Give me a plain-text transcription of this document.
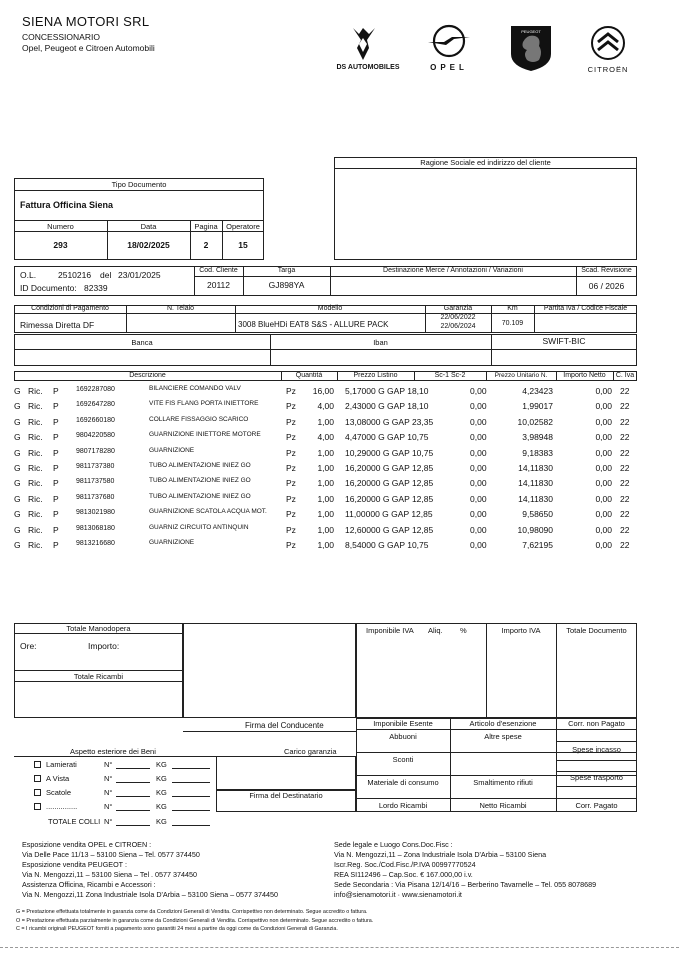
SIENA MOTORI SRL
CONCESSIONARIO
Opel, Peugeot e Citroen Automobili
DS AUTOMOBILES	OPEL
PEUGEOT
CITROËN
Ragione Sociale ed indirizzo del cliente
Tipo Documento
Fattura Officina Siena
Numero	Data	Pagina	Operatore
293	18/02/2025	2	15
O.L.	2510216 del 23/01/2025
ID Documento: 82339
Cod. Cliente
20112
Targa
GJ898YA
Destinazione Merce / Annotazioni / Variazioni	Scad. Revisione
06 / 2026
Condizioni di Pagamento
Rimessa Diretta DF
N. Telaio	Modello
3008 BlueHDi EAT8 S&S - ALLURE PACK
Garanzia
22/06/2022
22/06/2024
Km
70.109
Partita Iva / Codice Fiscale
Banca	Iban	SWIFT-BIC
Descrizione	Quantità	Prezzo Listino	Sc-1 Sc-2	Prezzo Unitario N.	Importo Netto	C. Iva
G Ric.	P	1692287080	BILANCIERE COMANDO VALV	Pz	16,00 5,17000 G GAP 18,10	0,00	4,23423	0,00 22
G Ric.	P	1692647280	VITE FIS FLANG PORTA INIETTORE	Pz	4,00 2,43000 G GAP 18,10	0,00	1,99017	0,00 22
G Ric.	P	1692660180	COLLARE FISSAGGIO SCARICO	Pz	1,00 13,08000 G GAP 23,35	0,00	10,02582	0,00 22
G Ric.	P	9804220580	GUARNIZIONE INIETTORE MOTORE	Pz	4,00 4,47000 G GAP 10,75	0,00	3,98948	0,00 22
G Ric.	P	9807178280	GUARNIZIONE	Pz	1,00 10,29000 G GAP 10,75	0,00	9,18383	0,00 22
G Ric.	P	9811737380	TUBO ALIMENTAZIONE INIEZ GO	Pz	1,00 16,20000 G GAP 12,85	0,00	14,11830	0,00 22
G Ric.	P	9811737580	TUBO ALIMENTAZIONE INIEZ GO	Pz	1,00 16,20000 G GAP 12,85	0,00	14,11830	0,00 22
G Ric.	P	9811737680	TUBO ALIMENTAZIONE INIEZ GO	Pz	1,00 16,20000 G GAP 12,85	0,00	14,11830	0,00 22
G Ric.	P	9813021980	GUARNIZIONE SCATOLA ACQUA MOT.	Pz	1,00 11,00000 G GAP 12,85	0,00	9,58650	0,00 22
G Ric.	P	9813068180	GUARNIZ CIRCUITO ANTINQUIN	Pz	1,00 12,60000 G GAP 12,85	0,00	10,98090	0,00 22
G Ric.	P	9813216680	GUARNIZIONE	Pz	1,00 8,54000 G GAP 10,75	0,00	7,62195	0,00 22
Totale Manodopera
Ore:	Importo:
Totale Ricambi
Imponibile IVA Aliq. %	Importo IVA	Totale Documento
Firma del Conducente	Imponibile Esente	Articolo d'esenzione	Corr. non Pagato
Abbuoni	Altre spese
Spese incasso
Sconti
Materiale di consumo	Smaltimento rifiuti
Spese trasporto
Lordo Ricambi	Netto Ricambi	Corr. Pagato
Aspetto esteriore dei Beni	Carico garanzia
Firma del Destinatario
Lamierati	N°	KG
A Vista	N°	KG
Scatole	N°	KG
...............	N°	KG
TOTALE COLLI N°	KG
Esposizione vendita OPEL e CITROEN :
Via Delle Pace 11/13 – 53100 Siena – Tel. 0577 374450
Esposizione vendita PEUGEOT :
Via N. Mengozzi,11 – 53100 Siena – Tel . 0577 374450
Assistenza Officina, Ricambi e Accessori :
Via N. Mengozzi,11 Zona Industriale Isola D'Arbia – 53100 Siena – 0577 374450
Sede legale e Luogo Cons.Doc.Fisc :
Via N. Mengozzi,11 – Zona Industriale Isola D'Arbia – 53100 Siena
Iscr.Reg. Soc./Cod.Fisc./P.IVA 00997770524
REA SI112496 – Cap.Soc. € 167.000,00 i.v.
Sede Secondaria : Via Pisana 12/14/16 – Berberino Tavarnelle – Tel. 055 8078689
info@sienamotori.it · www.sienamotori.it
G = Prestazione effettuata totalmente in garanzia come da Condizioni Generali di Vendita. Corrispettivo non determinato. Segue accredito o fattura.
O = Prestazione effettuata parzialmente in garanzia come da Condizioni Generali di Vendita. Corrispettivo non determinato. Segue accredito o fattura.
C = I ricambi originali PEUGEOT forniti a pagamento sono garantiti 24 mesi a partire da oggi come da Condizioni Generali di Garanzia.
